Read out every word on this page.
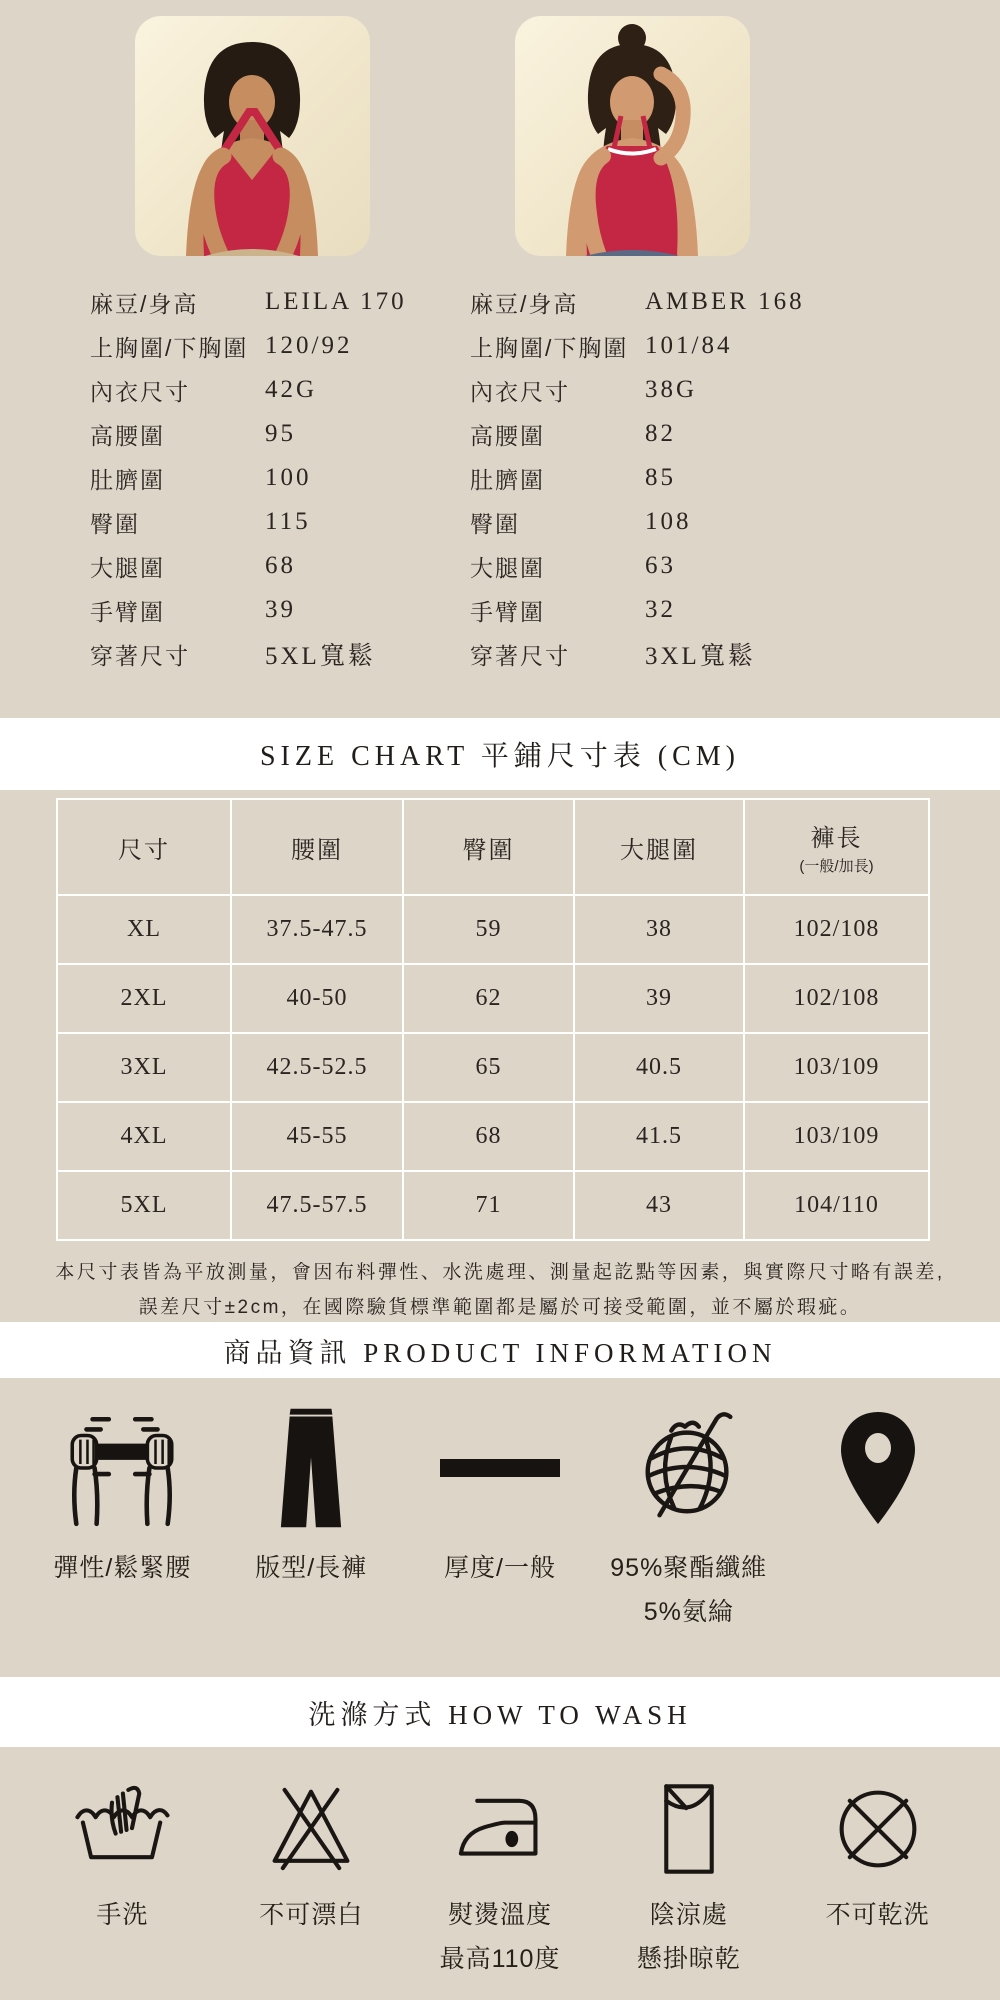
麻豆/身高	LEILA 170
上胸圍/下胸圍 120/92
內衣尺寸	42G
高腰圍	95
肚臍圍	100
臀圍	115
大腿圍	68
手臂圍	39
穿著尺寸	5XL寬鬆
麻豆/身高	AMBER 168
上胸圍/下胸圍 101/84
內衣尺寸	38G
高腰圍	82
肚臍圍	85
臀圍	108
大腿圍	63
手臂圍	32
穿著尺寸	3XL寬鬆
SIZE CHART 平鋪尺寸表 (CM)
尺寸	腰圍	臀圍	大腿圍	褲長
(一般/加長)

XL	37.5-47.5	59	38	102/108
2XL	40-50	62	39	102/108
3XL	42.5-52.5	65	40.5	103/109
4XL	45-55	68	41.5	103/109
5XL	47.5-57.5	71	43	104/110
本尺寸表皆為平放測量，會因布料彈性、水洗處理、測量起訖點等因素，與實際尺寸略有誤差,
誤差尺寸±2cm，在國際驗貨標準範圍都是屬於可接受範圍，並不屬於瑕疵。
商品資訊 PRODUCT INFORMATION
彈性/鬆緊腰	版型/長褲	厚度/一般	95%聚酯纖維
5%氨綸
洗滌方式 HOW TO WASH
手洗	不可漂白	熨燙溫度
最高110度
陰涼處
懸掛晾乾
不可乾洗
